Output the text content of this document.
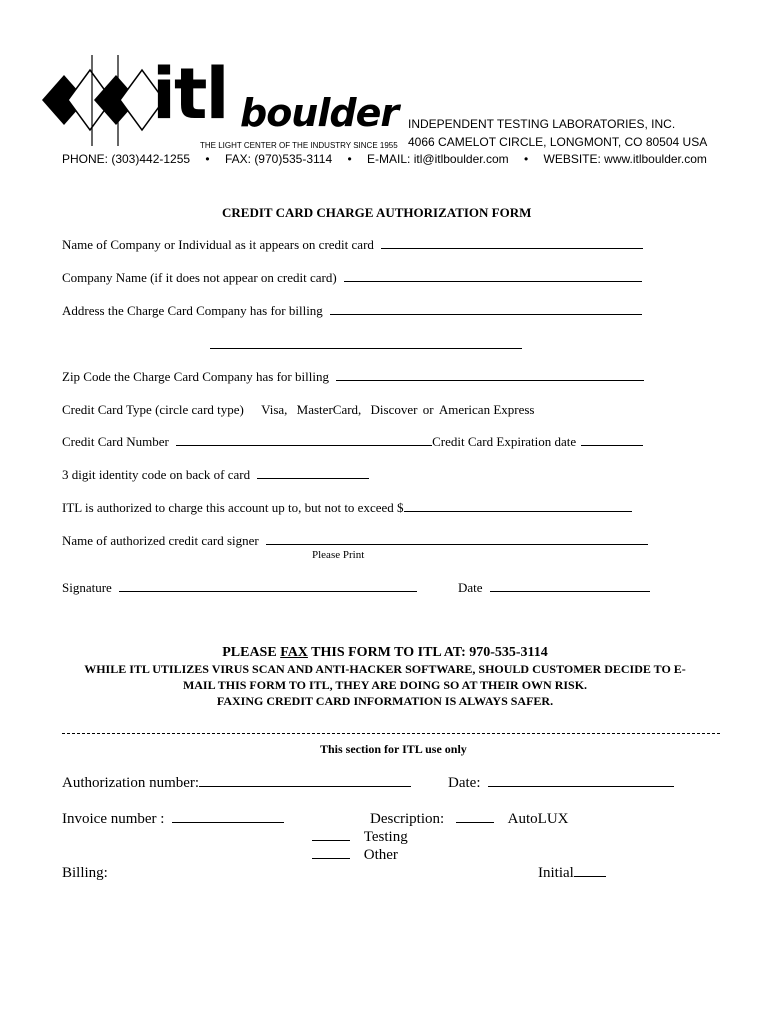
itl boulder
THE LIGHT CENTER OF THE INDUSTRY SINCE 1955
INDEPENDENT TESTING LABORATORIES, INC.
4066 CAMELOT CIRCLE, LONGMONT, CO 80504 USA
PHONE: (303)442-1255 • FAX: (970)535-3114 • E-MAIL: itl@itlboulder.com • WEBSITE: www.itlboulder.com
CREDIT CARD CHARGE AUTHORIZATION FORM
Name of Company or Individual as it appears on credit card
Company Name (if it does not appear on credit card)
Address the Charge Card Company has for billing
Zip Code the Charge Card Company has for billing
Credit Card Type (circle card type) Visa, MasterCard, Discover or American Express
Credit Card Number	Credit Card Expiration date
3 digit identity code on back of card
ITL is authorized to charge this account up to, but not to exceed $
Name of authorized credit card signer
Please Print
Signature	Date
PLEASE FAX THIS FORM TO ITL AT: 970-535-3114
WHILE ITL UTILIZES VIRUS SCAN AND ANTI-HACKER SOFTWARE, SHOULD CUSTOMER DECIDE TO E-
MAIL THIS FORM TO ITL, THEY ARE DOING SO AT THEIR OWN RISK.
FAXING CREDIT CARD INFORMATION IS ALWAYS SAFER.
This section for ITL use only
Authorization number:	Date:
Invoice number :	Description:	AutoLUX
Testing
Other
Billing:	Initial
